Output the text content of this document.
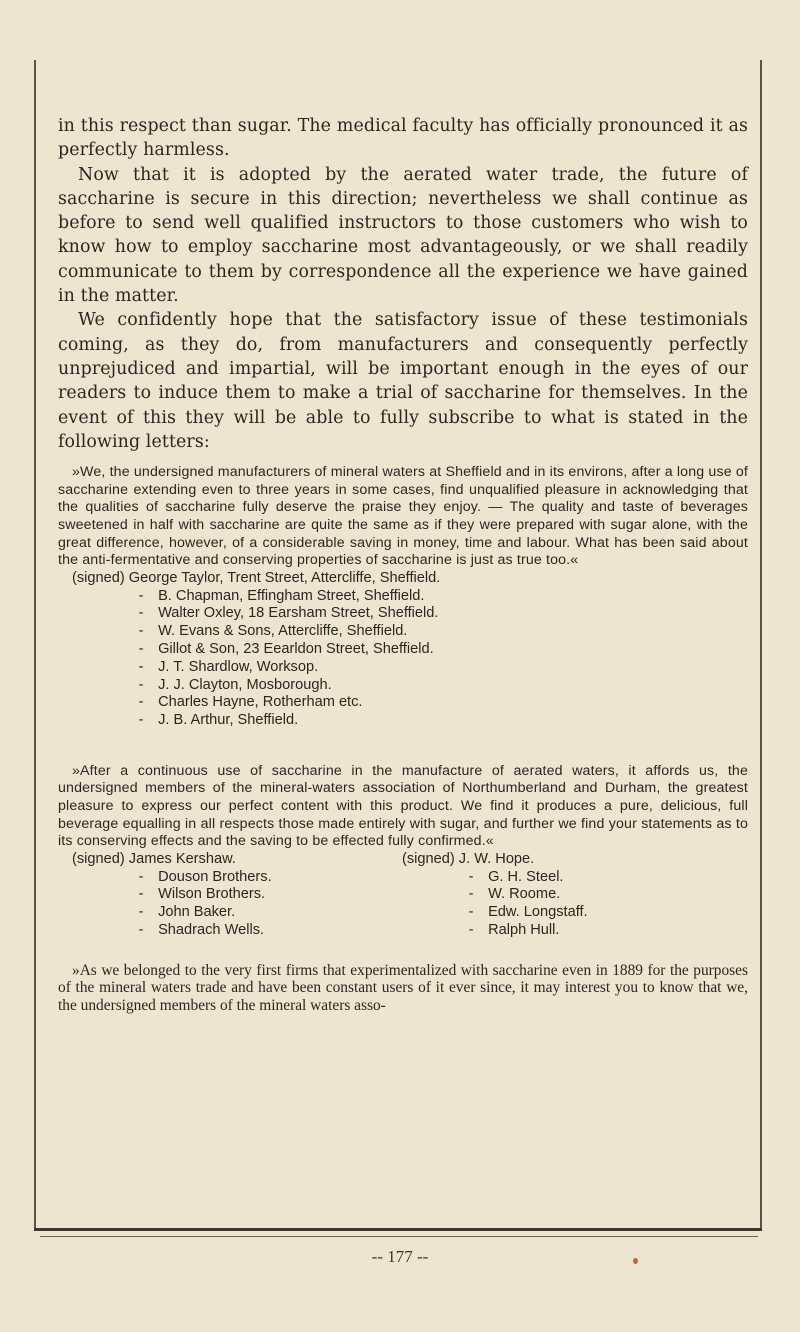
in this respect than sugar. The medical faculty has officially pronounced it as perfectly harmless.

Now that it is adopted by the aerated water trade, the future of saccharine is secure in this direction; nevertheless we shall continue as before to send well qualified instructors to those customers who wish to know how to employ saccharine most advantageously, or we shall readily communicate to them by correspondence all the experience we have gained in the matter.

We confidently hope that the satisfactory issue of these testimonials coming, as they do, from manufacturers and consequently perfectly unprejudiced and impartial, will be important enough in the eyes of our readers to induce them to make a trial of saccharine for themselves. In the event of this they will be able to fully subscribe to what is stated in the following letters:

»We, the undersigned manufacturers of mineral waters at Sheffield and in its environs, after a long use of saccharine extending even to three years in some cases, find unqualified pleasure in acknowledging that the qualities of saccharine fully deserve the praise they enjoy. — The quality and taste of beverages sweetened in half with saccharine are quite the same as if they were prepared with sugar alone, with the great difference, however, of a considerable saving in money, time and labour. What has been said about the anti-fermentative and conserving properties of saccharine is just as true too.«

(signed) George Taylor, Trent Street, Attercliffe, Sheffield.
- B. Chapman, Effingham Street, Sheffield.
- Walter Oxley, 18 Earsham Street, Sheffield.
- W. Evans & Sons, Attercliffe, Sheffield.
- Gillot & Son, 23 Eearldon Street, Sheffield.
- J. T. Shardlow, Worksop.
- J. J. Clayton, Mosborough.
- Charles Hayne, Rotherham etc.
- J. B. Arthur, Sheffield.

»After a continuous use of saccharine in the manufacture of aerated waters, it affords us, the undersigned members of the mineral-waters association of Northumberland and Durham, the greatest pleasure to express our perfect content with this product. We find it produces a pure, delicious, full beverage equalling in all respects those made entirely with sugar, and further we find your statements as to its conserving effects and the saving to be effected fully confirmed.«

(signed) James Kershaw.
- Douson Brothers.
- Wilson Brothers.
- John Baker.
- Shadrach Wells.
(signed) J. W. Hope.
- G. H. Steel.
- W. Roome.
- Edw. Longstaff.
- Ralph Hull.

»As we belonged to the very first firms that experimentalized with saccharine even in 1889 for the purposes of the mineral waters trade and have been constant users of it ever since, it may interest you to know that we, the undersigned members of the mineral waters asso-

-- 177 --
